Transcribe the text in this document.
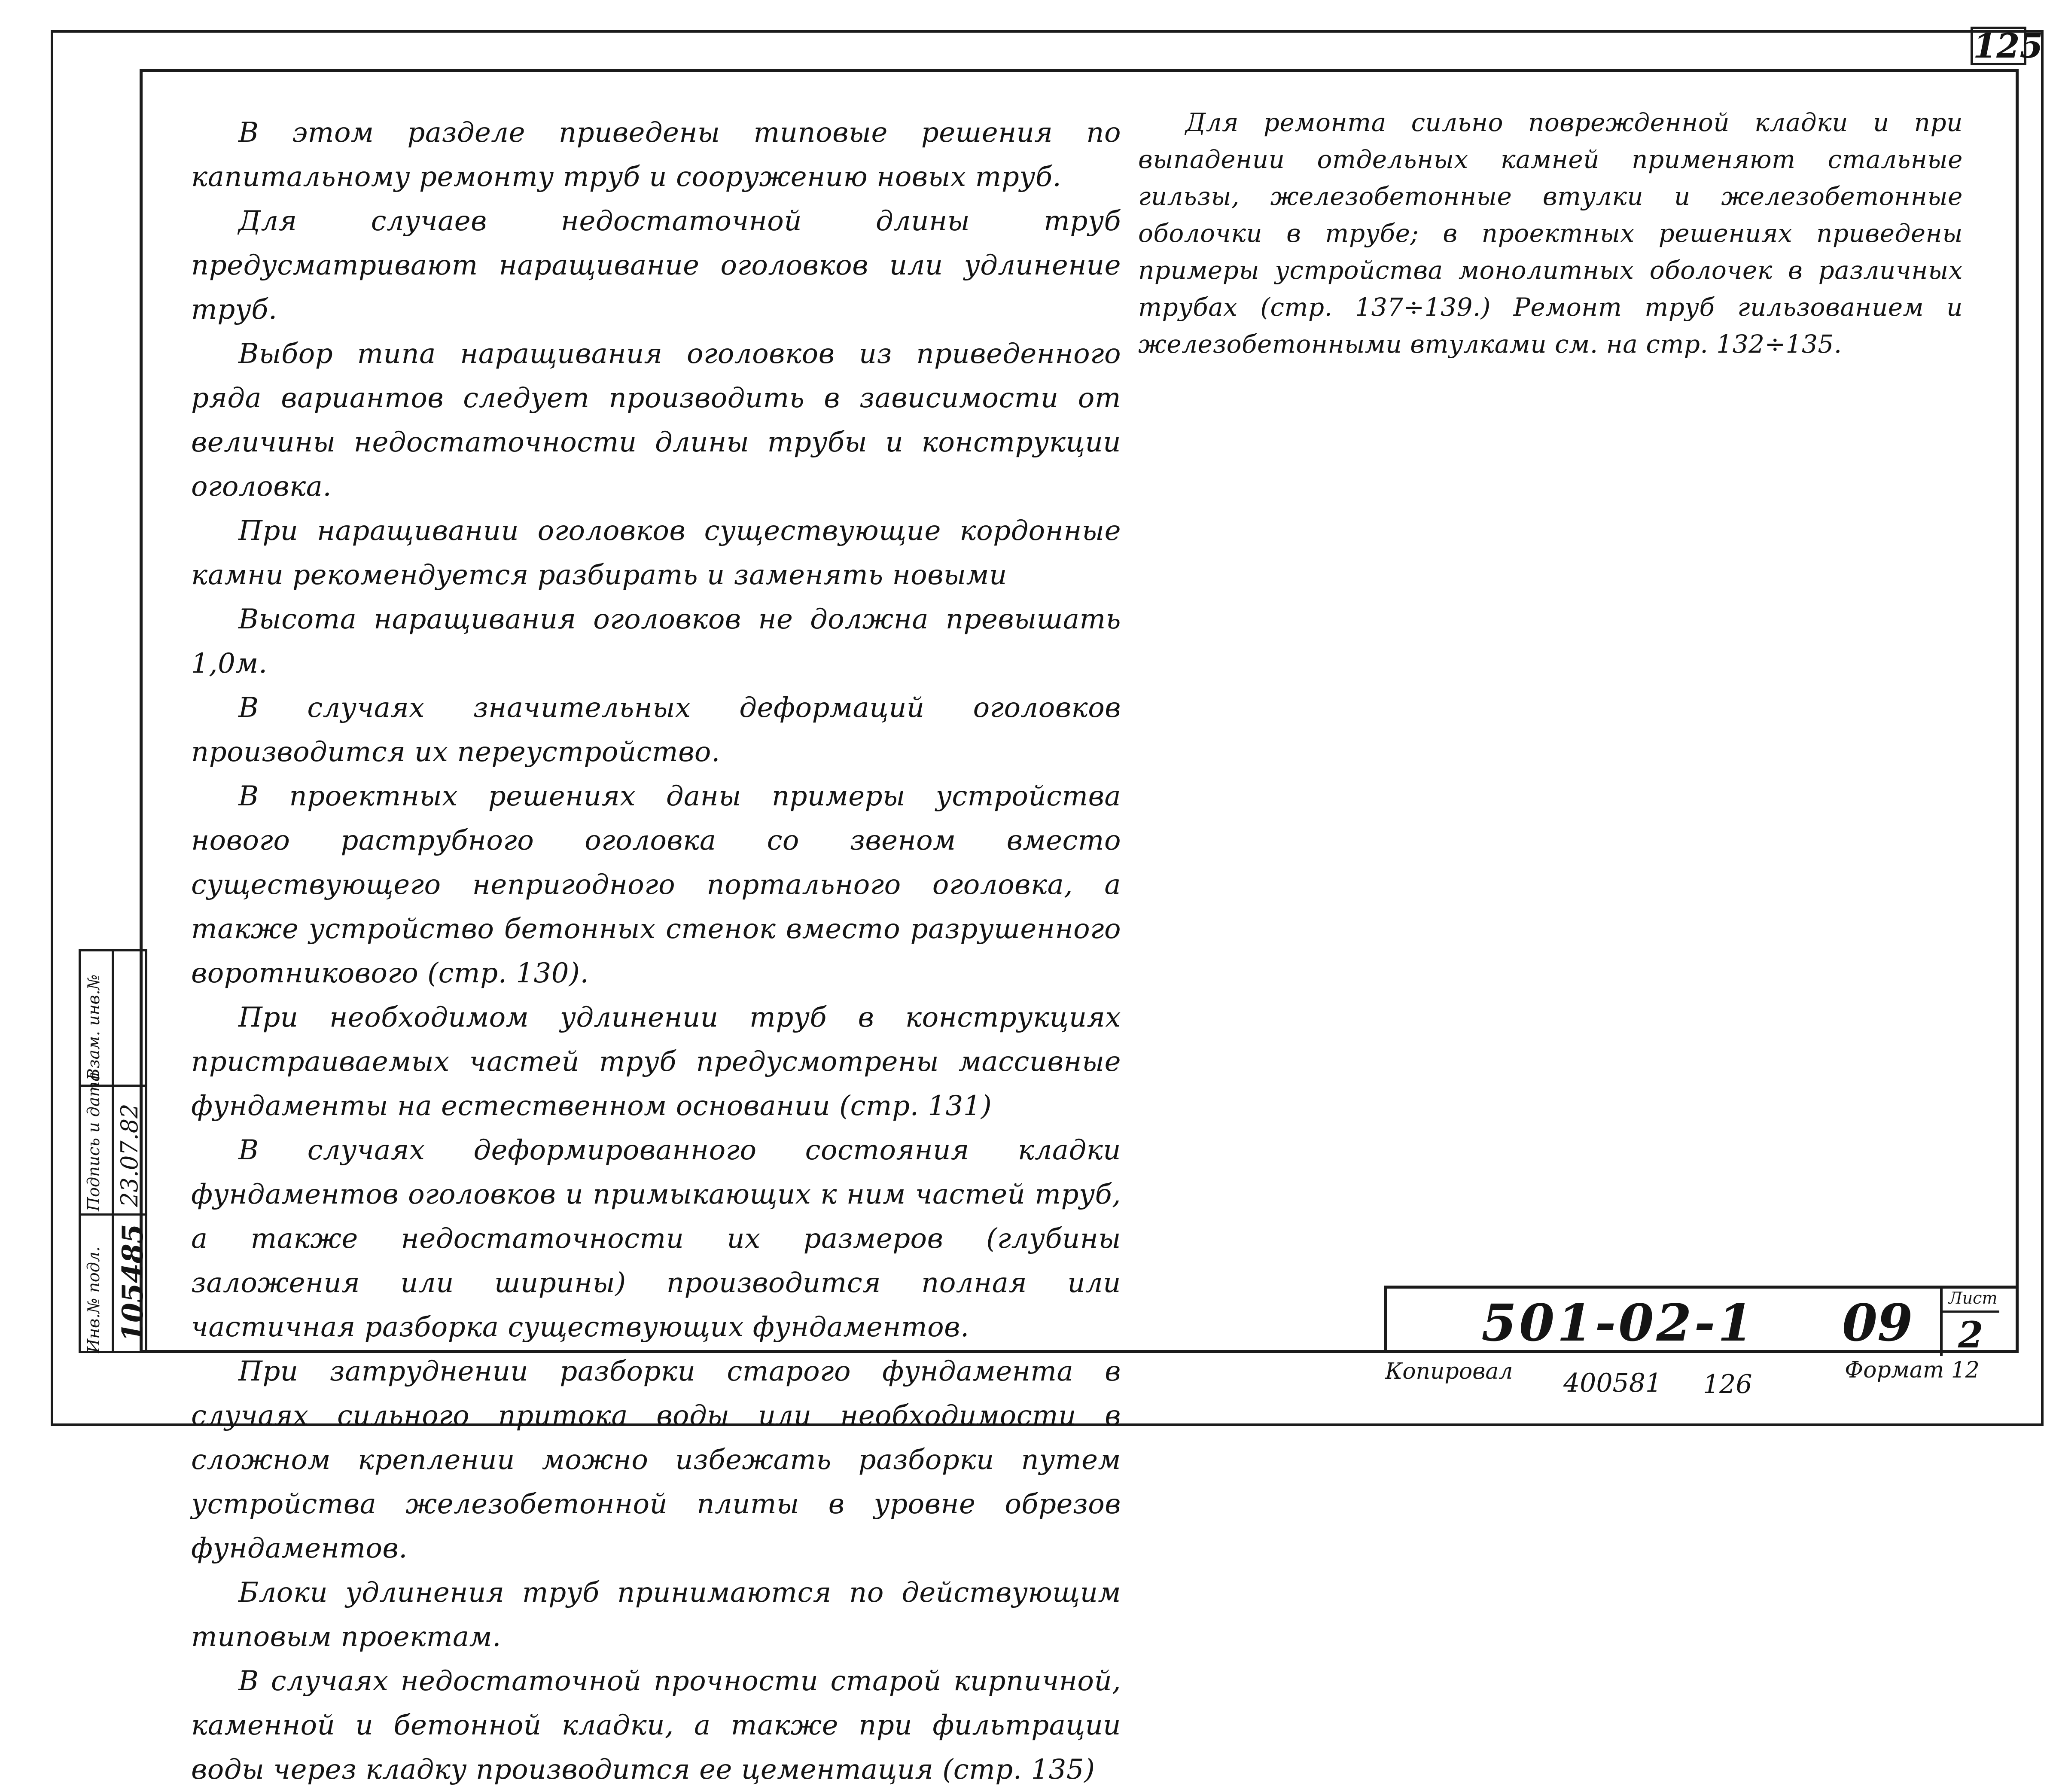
125

В этом разделе приведены типовые решения по капитальному ремонту труб и сооружению новых труб.

Для случаев недостаточной длины труб предусматривают наращивание оголовков или удлинение труб.

Выбор типа наращивания оголовков из приведенного ряда вариантов следует производить в зависимости от величины недостаточности длины трубы и конструкции оголовка.

При наращивании оголовков существующие кордонные камни рекомендуется разбирать и заменять новыми

Высота наращивания оголовков не должна превышать 1,0м.

В случаях значительных деформаций оголовков производится их переустройство.

В проектных решениях даны примеры устройства нового раструбного оголовка со звеном вместо существующего непригодного портального оголовка, а также устройство бетонных стенок вместо разрушенного воротникового (стр. 130).

При необходимом удлинении труб в конструкциях пристраиваемых частей труб предусмотрены массивные фундаменты на естественном основании (стр. 131)

В случаях деформированного состояния кладки фундаментов оголовков и примыкающих к ним частей труб, а также недостаточности их размеров (глубины заложения или ширины) производится полная или частичная разборка существующих фундаментов.

При затруднении разборки старого фундамента в случаях сильного притока воды или необходимости в сложном креплении можно избежать разборки путем устройства железобетонной плиты в уровне обрезов фундаментов.

Блоки удлинения труб принимаются по действующим типовым проектам.

В случаях недостаточной прочности старой кирпичной, каменной и бетонной кладки, а также при фильтрации воды через кладку производится ее цементация (стр. 135)

Для ремонта сильно поврежденной кладки и при выпадении отдельных камней применяют стальные гильзы, железобетонные втулки и железобетонные оболочки в трубе; в проектных решениях приведены примеры устройства монолитных оболочек в различных трубах (стр. 137÷139.) Ремонт труб гильзованием и железобетонными втулками см. на стр. 132÷135.

Инв.№ подл.
Подпись и дата
Взам. инв.№
105485
23.07.82
501-02-1 09 Лист
2
Копировал 400581 126	Формат 12
